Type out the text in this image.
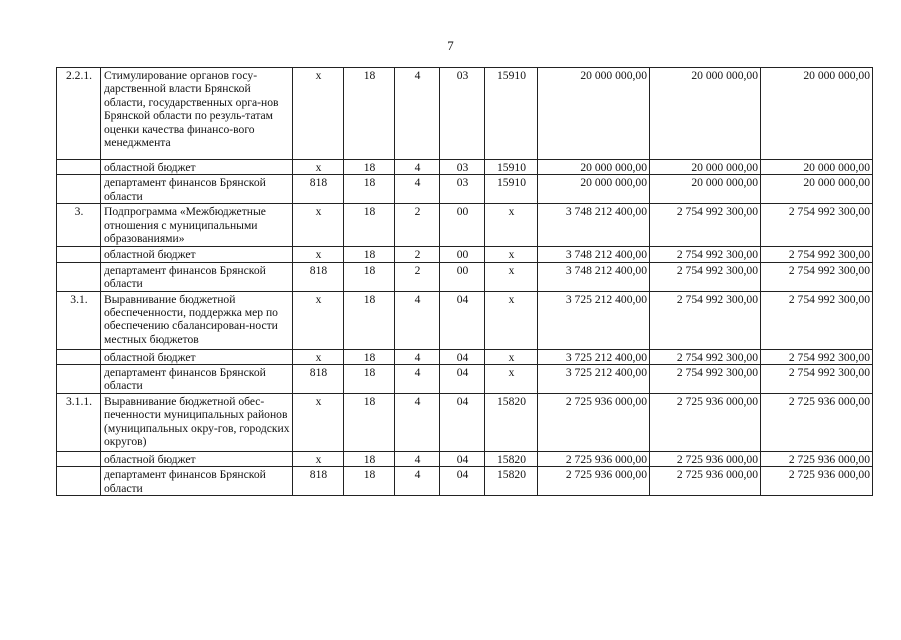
7
2.2.1.	Стимулирование органов госу-дарственной власти Брянской области, государственных орга-нов Брянской области по резуль-татам оценки качества финансо-вого менеджмента	х	18	4	03	15910	20 000 000,00	20 000 000,00	20 000 000,00
	областной бюджет	х	18	4	03	15910	20 000 000,00	20 000 000,00	20 000 000,00
	департамент финансов Брянской области	818	18	4	03	15910	20 000 000,00	20 000 000,00	20 000 000,00
3.	Подпрограмма «Межбюджетные отношения с муниципальными образованиями»	х	18	2	00	х	3 748 212 400,00	2 754 992 300,00	2 754 992 300,00
	областной бюджет	х	18	2	00	х	3 748 212 400,00	2 754 992 300,00	2 754 992 300,00
	департамент финансов Брянской области	818	18	2	00	х	3 748 212 400,00	2 754 992 300,00	2 754 992 300,00
3.1.	Выравнивание бюджетной обеспеченности, поддержка мер по обеспечению сбалансирован-ности местных бюджетов	х	18	4	04	х	3 725 212 400,00	2 754 992 300,00	2 754 992 300,00
	областной бюджет	х	18	4	04	х	3 725 212 400,00	2 754 992 300,00	2 754 992 300,00
	департамент финансов Брянской области	818	18	4	04	х	3 725 212 400,00	2 754 992 300,00	2 754 992 300,00
3.1.1.	Выравнивание бюджетной обес-печенности муниципальных районов (муниципальных окру-гов, городских округов)	х	18	4	04	15820	2 725 936 000,00	2 725 936 000,00	2 725 936 000,00
	областной бюджет	х	18	4	04	15820	2 725 936 000,00	2 725 936 000,00	2 725 936 000,00
	департамент финансов Брянской области	818	18	4	04	15820	2 725 936 000,00	2 725 936 000,00	2 725 936 000,00
